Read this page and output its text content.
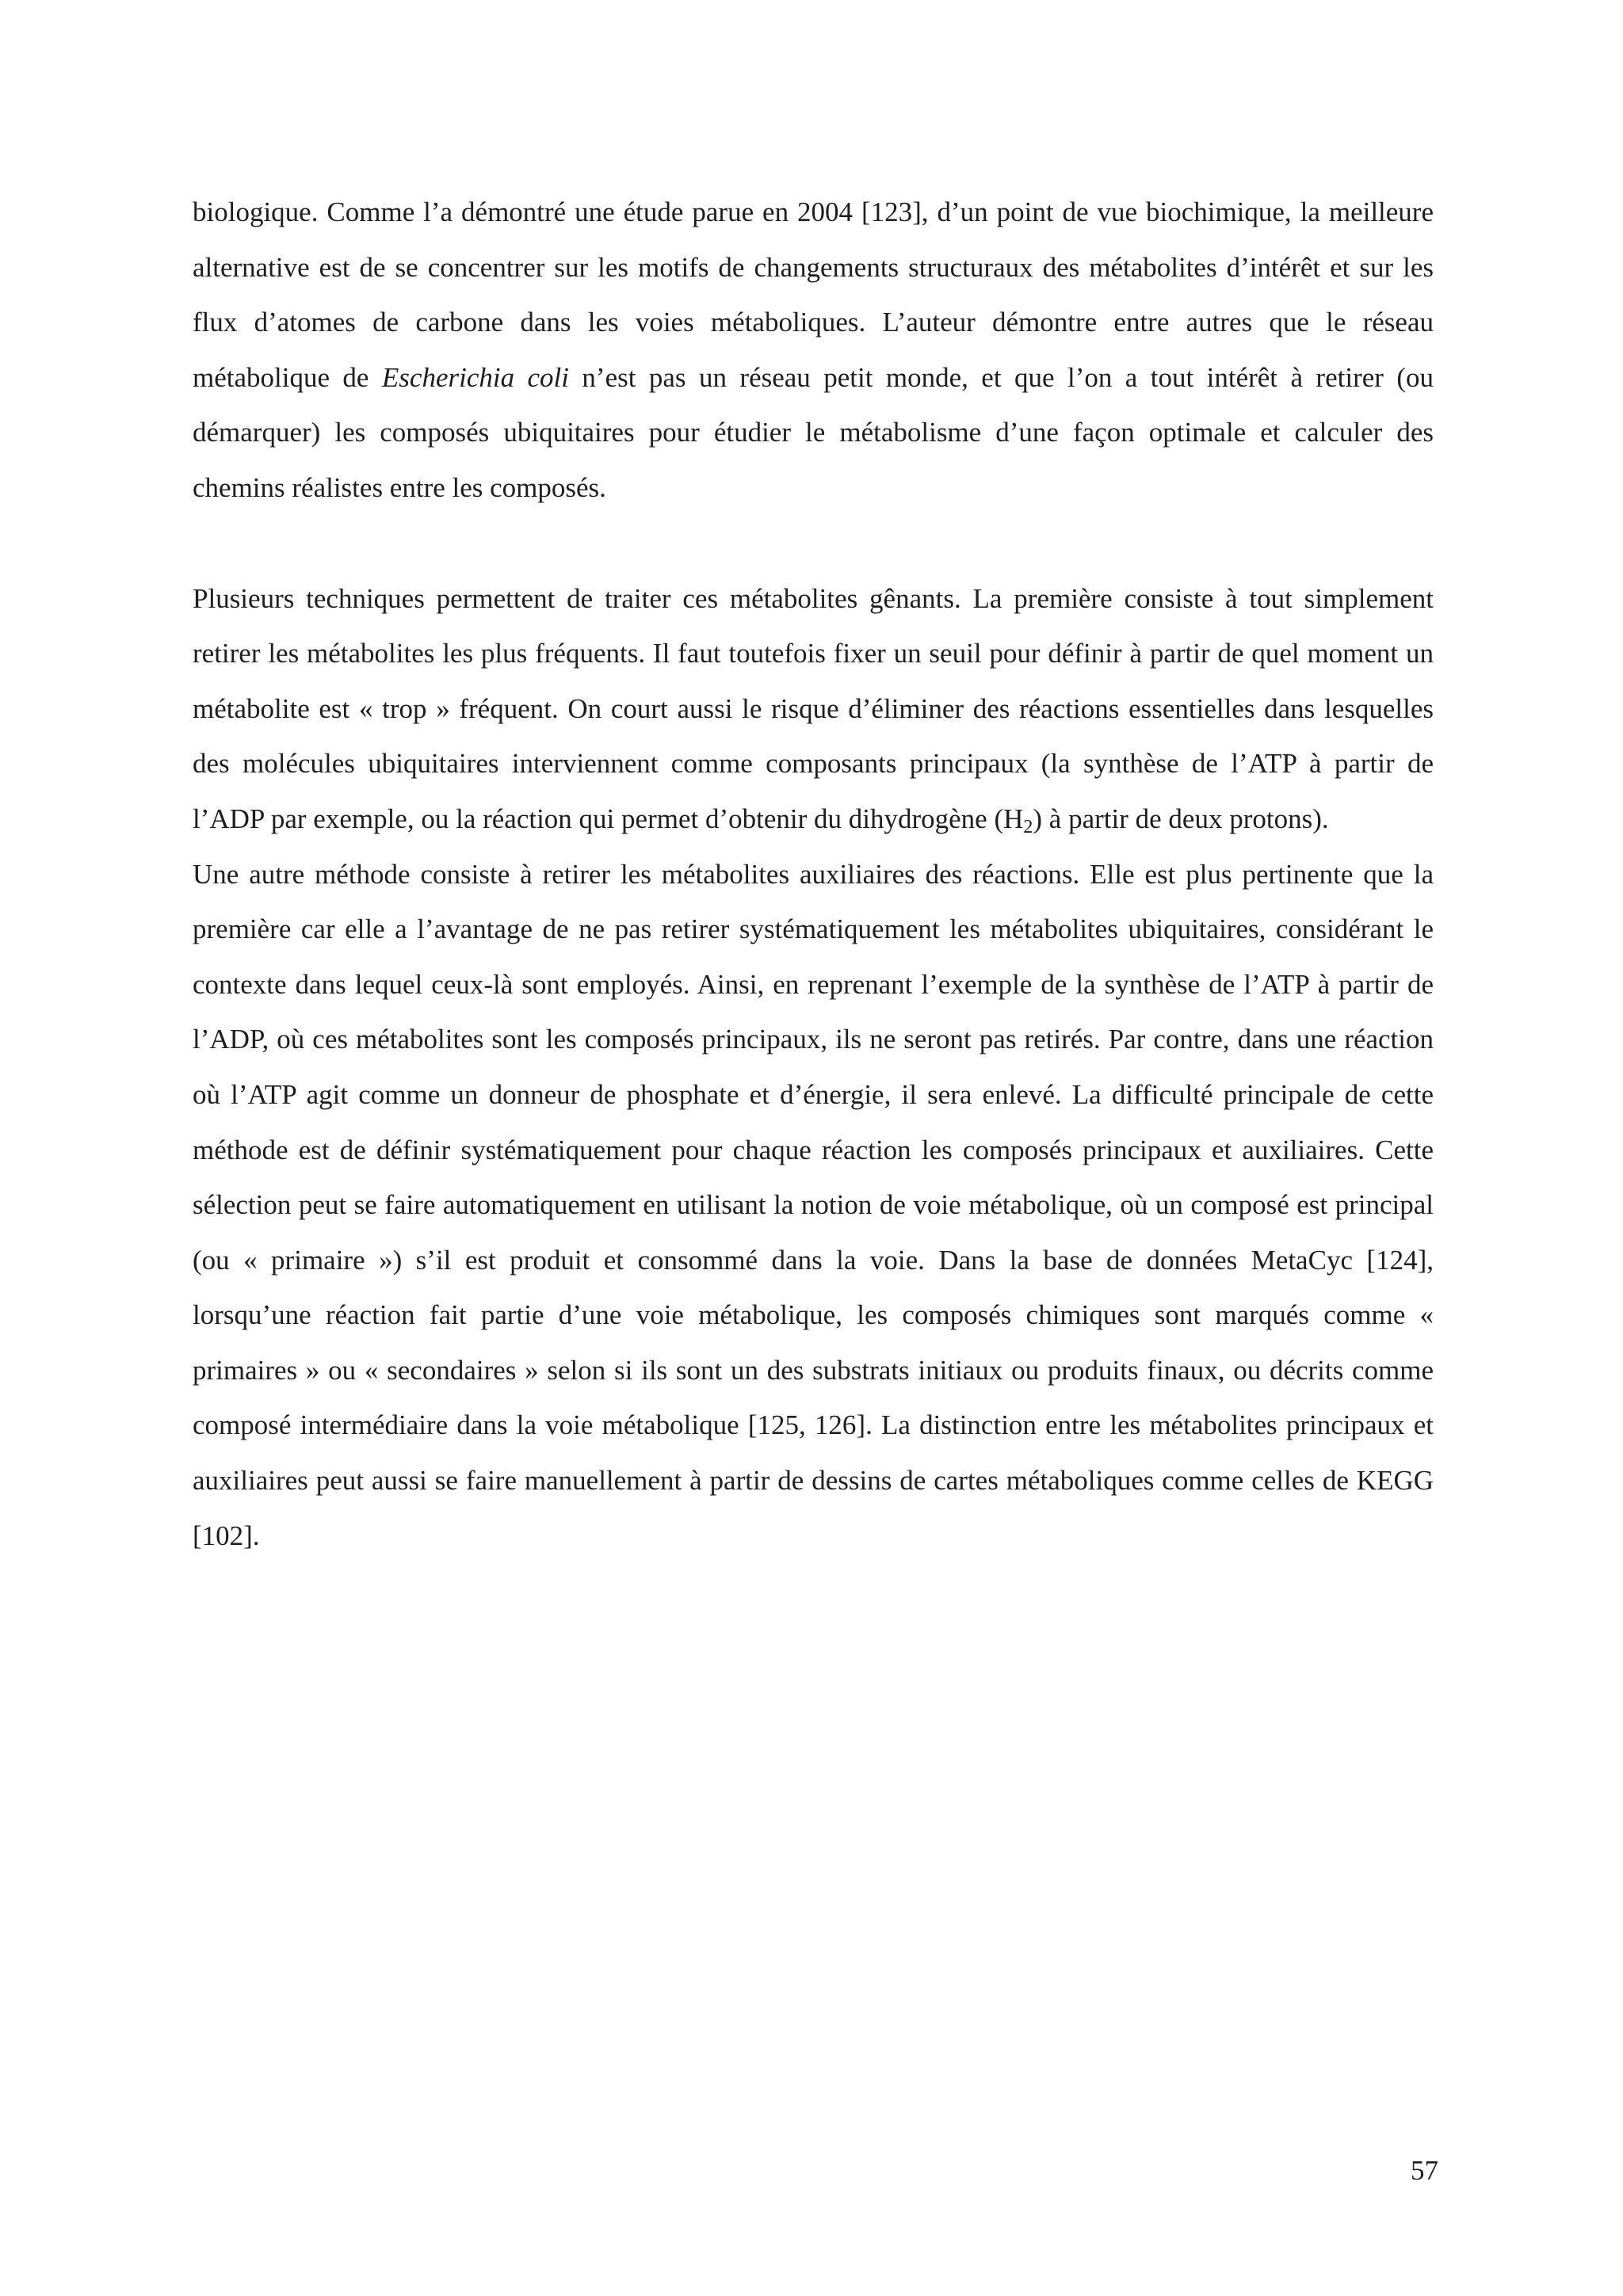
biologique. Comme l’a démontré une étude parue en 2004 [123], d’un point de vue biochimique, la meilleure alternative est de se concentrer sur les motifs de changements structuraux des métabolites d’intérêt et sur les flux d’atomes de carbone dans les voies métaboliques. L’auteur démontre entre autres que le réseau métabolique de Escherichia coli n’est pas un réseau petit monde, et que l’on a tout intérêt à retirer (ou démarquer) les composés ubiquitaires pour étudier le métabolisme d’une façon optimale et calculer des chemins réalistes entre les composés.

Plusieurs techniques permettent de traiter ces métabolites gênants. La première consiste à tout simplement retirer les métabolites les plus fréquents. Il faut toutefois fixer un seuil pour définir à partir de quel moment un métabolite est « trop » fréquent. On court aussi le risque d’éliminer des réactions essentielles dans lesquelles des molécules ubiquitaires interviennent comme composants principaux (la synthèse de l’ATP à partir de l’ADP par exemple, ou la réaction qui permet d’obtenir du dihydrogène $(H_2)$ à partir de deux protons).

Une autre méthode consiste à retirer les métabolites auxiliaires des réactions. Elle est plus pertinente que la première car elle a l’avantage de ne pas retirer systématiquement les métabolites ubiquitaires, considérant le contexte dans lequel ceux-là sont employés. Ainsi, en reprenant l’exemple de la synthèse de l’ATP à partir de l’ADP, où ces métabolites sont les composés principaux, ils ne seront pas retirés. Par contre, dans une réaction où l’ATP agit comme un donneur de phosphate et d’énergie, il sera enlevé. La difficulté principale de cette méthode est de définir systématiquement pour chaque réaction les composés principaux et auxiliaires. Cette sélection peut se faire automatiquement en utilisant la notion de voie métabolique, où un composé est principal (ou « primaire ») s’il est produit et consommé dans la voie. Dans la base de données MetaCyc [124], lorsqu’une réaction fait partie d’une voie métabolique, les composés chimiques sont marqués comme « primaires » ou « secondaires » selon si ils sont un des substrats initiaux ou produits finaux, ou décrits comme composé intermédiaire dans la voie métabolique [125, 126]. La distinction entre les métabolites principaux et auxiliaires peut aussi se faire manuellement à partir de dessins de cartes métaboliques comme celles de KEGG [102].

57
